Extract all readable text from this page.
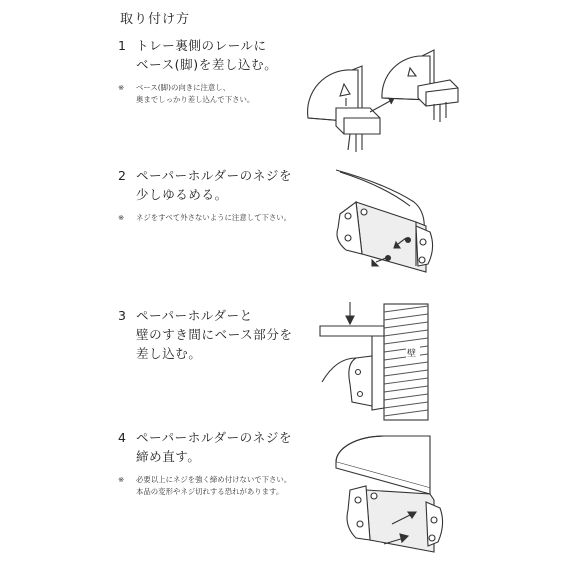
取り付け方
1 トレー裏側のレールに
ベース(脚)を差し込む。
※ ベース(脚)の向きに注意し、
奥までしっかり差し込んで下さい。
2 ペーパーホルダーのネジを
少しゆるめる。
※ ネジをすべて外さないように注意して下さい。
3 ペーパーホルダーと
壁のすき間にベース部分を
差し込む。	壁
4 ペーパーホルダーのネジを
締め直す。
※ 必要以上にネジを強く締め付けないで下さい。
本品の変形やネジ切れする恐れがあります。
